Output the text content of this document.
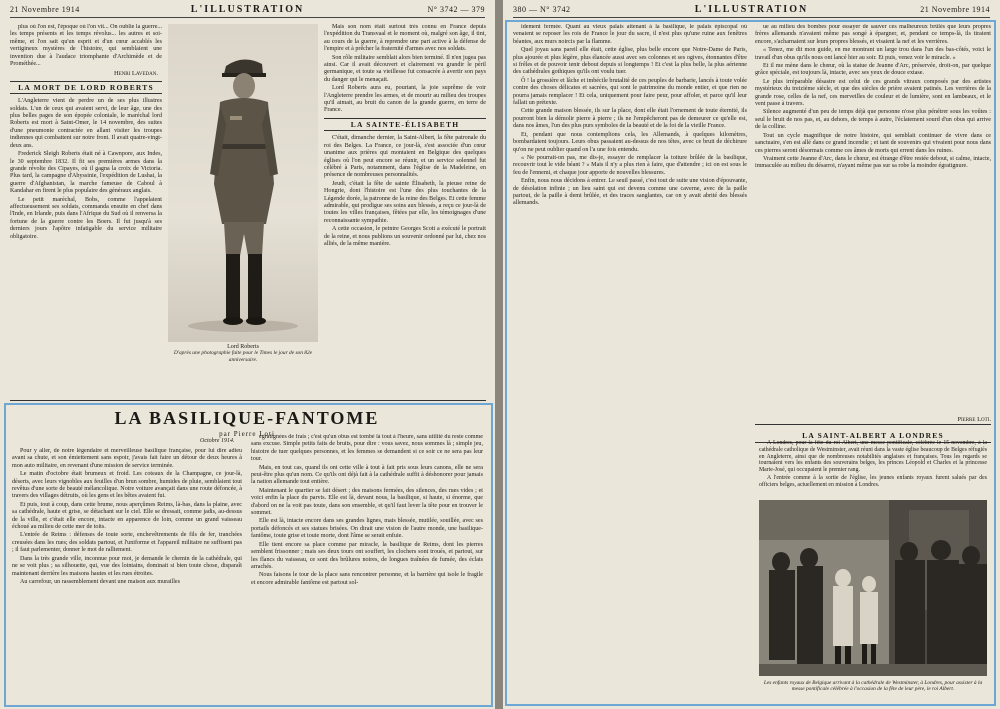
21 Novembre 1914	L'ILLUSTRATION	N° 3742 — 379

plus où l'on est, l'époque où l'on vit... On oublie la guerre... les temps présents et les temps révolus... les autres et soi-même, et l'on sait qu'un esprit et d'un cœur accablés les vertigineux mystères de l'histoire, qui semblaient une invention due à l'audace triomphante d'Archimède et de Prométhée...

Henri Lavedan.
LA MORT DE LORD ROBERTS

L'Angleterre vient de perdre un de ses plus illustres soldats. L'un de ceux qui avaient servi, de leur âge, une des plus belles pages de son épopée coloniale, le maréchal lord Roberts est mort à Saint-Omer, le 14 novembre, des suites d'une pneumonie contractée en allant visiter les troupes indiennes qui combattent sur notre front. Il avait quatre-vingt-deux ans.

Frederick Sleigh Roberts était né à Cawnpore, aux Indes, le 30 septembre 1832. Il fit ses premières armes dans la grande révolte des Cipayes, où il gagna la croix de Victoria. Plus tard, la campagne d'Abyssinie, l'expédition de Lushai, la guerre d'Afghanistan, la marche fameuse de Caboul à Kandahar en firent le plus populaire des généraux anglais.

Le petit maréchal, Bobs, comme l'appelaient affectueusement ses soldats, commanda ensuite en chef dans l'Inde, en Irlande, puis dans l'Afrique du Sud où il renversa la fortune de la guerre contre les Boers. Il fut jusqu'à ses derniers jours l'apôtre infatigable du service militaire obligatoire.

Lord Roberts
D'après une photographie faite pour le Times le jour de son 82e anniversaire.

Mais son nom était surtout très connu en France depuis l'expédition du Transvaal et le moment où, malgré son âge, il tint, au cours de la guerre, à reprendre une part active à la défense de l'empire et à prêcher la fraternité d'armes avec nos soldats.

Son rôle militaire semblait alors bien terminé. Il n'en jugea pas ainsi. Car il avait découvert et clairement vu grandir le péril germanique, et toute sa vieillesse fut consacrée à avertir son pays du danger qui le menaçait.

Lord Roberts aura eu, pourtant, la joie suprême de voir l'Angleterre prendre les armes, et de mourir au milieu des troupes qu'il aimait, au bruit du canon de la grande guerre, en terre de France.

LA SAINTE-ÉLISABETH

C'était, dimanche dernier, la Saint-Albert, la fête patronale du roi des Belges. La France, ce jour-là, s'est associée d'un cœur unanime aux prières qui montaient en Belgique des quelques églises où l'on peut encore se réunir, et un service solennel fut célébré à Paris, notamment, dans l'église de la Madeleine, en présence de nombreuses personnalités.

Jeudi, c'était la fête de sainte Élisabeth, la pieuse reine de Hongrie, dont l'histoire est l'une des plus touchantes de la Légende dorée, la patronne de la reine des Belges. Et cette femme admirable, qui prodigue ses soins aux blessés, a reçu ce jour-là de toutes les villes françaises, fêtées par elle, les témoignages d'une reconnaissante sympathie.

A cette occasion, le peintre Georges Scott a exécuté le portrait de la reine, et nous publions un souvenir ordonné par lui, chez nos alliés, de la même manière.

LA BASILIQUE-FANTOME
par Pierre Loti
Octobre 1914.

Pour y aller, de notre légendaire et merveilleuse basilique française, pour lui dire adieu avant sa chute, et son émiettement sans espoir, j'avais fait faire un détour de deux heures à mon auto militaire, en revenant d'une mission de service terminée.

Le matin d'octobre était brumeux et froid. Les coteaux de la Champagne, ce jour-là, déserts, avec leurs vignobles aux feuilles d'un brun sombre, humides de pluie, semblaient tout revêtus d'une sorte de beauté mélancolique. Notre voiture avançait dans une route défoncée, à travers des villages détruits, où les gens et les bêtes avaient fui.

Et puis, tout à coup, dans cette brume, nous aperçûmes Reims, là-bas, dans la plaine, avec sa cathédrale, haute et grise, se détachant sur le ciel. Elle se dressait, comme jadis, au-dessus de la ville, et c'était elle encore, intacte en apparence de loin, comme un grand vaisseau échoué au milieu de cette mer de toits.

L'entrée de Reims : défenses de toute sorte, enchevêtrements de fils de fer, tranchées creusées dans les rues; des soldats partout, et l'uniforme et l'appareil militaire ne suffisent pas ; il faut parlementer, donner le mot de ralliement.

Dans la très grande ville, inconnue pour moi, je demande le chemin de la cathédrale, qui ne se voit plus ; sa silhouette, qui, vue des lointains, dominait si bien toute chose, disparaît maintenant derrière les maisons hautes et les rues étroites.

Au carrefour, un rassemblement devant une maison aux murailles

égratignées de frais ; c'est qu'un obus est tombé là tout à l'heure, sans utilité du reste comme sans excuse. Simple petits faits de bruits, pour dire : vous savez, nous sommes là ; simple jeu, histoire de tuer quelques personnes, et les femmes se demandent si ce soir ce ne sera pas leur tour.

Mais, en tout cas, quand ils ont cette ville à tout à fait pris sous leurs canons, elle ne sera peut-être plus qu'un nom. Ce qu'ils ont déjà fait à la cathédrale suffit à déshonorer pour jamais la nation allemande tout entière.

Maintenant le quartier se fait désert ; des maisons fermées, des silences, des rues vides ; et voici enfin la place du parvis. Elle est là, devant nous, la basilique, si haute, si énorme, que d'abord on ne la voit pas toute, dans son ensemble, et qu'il faut lever la tête pour en trouver le sommet.

Elle est là, intacte encore dans ses grandes lignes, mais blessée, mutilée, souillée, avec ses portails défoncés et ses statues brisées. On dirait une vision de l'autre monde, une basilique-fantôme, toute grise et toute morte, dont l'âme se serait enfuie.

Elle tient encore sa place comme par miracle, la basilique de Reims, dont les pierres semblent frissonner ; mais ses deux tours ont souffert, les clochers sont troués, et partout, sur les flancs du vaisseau, ce sont des brûlures noires, de longues traînées de fumée, des éclats arrachés.

Nous faisons le tour de la place sans rencontrer personne, et la barrière qui isole le fragile et encore admirable fantôme est partout sol-

380 — N° 3742	L'ILLUSTRATION	21 Novembre 1914

idement fermée. Quant au vieux palais attenant à la basilique, le palais épiscopal où venaient se reposer les rois de France le jour du sacre, il n'est plus qu'une ruine aux fenêtres béantes, aux murs noircis par la flamme.

Quel joyau sans pareil elle était, cette église, plus belle encore que Notre-Dame de Paris, plus ajourée et plus légère, plus élancée aussi avec ses colonnes et ses ogives, étonnantes d'être si frêles et de pouvoir tenir debout depuis si longtemps ! Et c'est la plus belle, la plus aérienne des cathédrales gothiques qu'ils ont voulu tuer.

Ô ! la grossière et lâche et imbécile brutalité de ces peuples de barbarie, lancés à toute volée contre des choses délicates et sacrées, qui sont le patrimoine du monde entier, et que rien ne pourra jamais remplacer ! Et cela, uniquement pour faire peur, pour affoler, et parce qu'il leur fallait un prétexte.

Cette grande maison blessée, ils sur la place, dont elle était l'ornement de toute éternité, ils pourront bien la démolir pierre à pierre ; ils ne l'empêcheront pas de demeurer ce qu'elle est, dans nos âmes, l'un des plus purs symboles de la beauté et de la foi de la vieille France.

Et, pendant que nous contemplions cela, les Allemands, à quelques kilomètres, bombardaient toujours. Leurs obus passaient au-dessus de nos têtes, avec ce bruit de déchirure qu'on ne peut oublier quand on l'a une fois entendu.

« Ne pourrait-on pas, me dis-je, essayer de remplacer la toiture brûlée de la basilique, recouvrir tout le vide béant ? » Mais il n'y a plus rien à faire, que d'attendre ; ici on est sous le feu de l'ennemi, et chaque jour apporte de nouvelles blessures.

Enfin, nous nous décidons à entrer. Le seuil passé, c'est tout de suite une vision d'épouvante, de désolation infinie ; un lieu saint qui est devenu comme une caverne, avec de la paille partout, de la paille à demi brûlée, et des traces sanglantes, car on y avait abrité des blessés allemands.

ue au milieu des bombes pour essayer de sauver ces malheureux brûlés que leurs propres frères allemands n'avaient même pas songé à épargner, et, pendant ce temps-là, ils tiraient encore, s'acharnaient sur leurs propres blessés, et visaient la nef et les verrières.

« Tenez, me dit mon guide, en me montrant un large trou dans l'un des bas-côtés, voici le travail d'un obus qu'ils nous ont lancé hier au soir. Et puis, venez voir le miracle. »

Et il me mène dans le chœur, où la statue de Jeanne d'Arc, préservée, droit-on, par quelque grâce spéciale, est toujours là, intacte, avec ses yeux de douce extase.

Le plus irréparable désastre est celui de ces grands vitraux composés par des artistes mystérieux du treizième siècle, et que des siècles de prière avaient patinés. Les verrières de la grande rose, celles de la nef, ces merveilles de couleur et de lumière, sont en lambeaux, et le vent passe à travers.

Silence augmenté d'un peu de temps déjà que personne n'ose plus pénétrer sous les voûtes : seul le bruit de nos pas, et, au dehors, de temps à autre, l'éclatement sourd d'un obus qui arrive de la colline.

Tout un cycle magnifique de notre histoire, qui semblait continuer de vivre dans ce sanctuaire, s'en est allé dans ce grand incendie ; et tant de souvenirs qui vivaient pour nous dans ces pierres seront désormais comme ces âmes de morts qui errent dans les ruines.

Vraiment cette Jeanne d'Arc, dans le chœur, est étrange d'être restée debout, si calme, intacte, immaculée au milieu du désarroi, n'ayant même pas sur sa robe la moindre égratignure.

Pierre Loti.
LA SAINT-ALBERT A LONDRES

A Londres, pour la fête du roi Albert, une messe pontificale, célébrée le 15 novembre, à la cathédrale catholique de Westminster, avait réuni dans la vaste église beaucoup de Belges réfugiés en Angleterre, ainsi que de nombreuses notabilités anglaises et françaises. Tous les regards se tournaient vers les enfants des souverains belges, les princes Léopold et Charles et la princesse Marie-José, qui occupaient le premier rang.

A l'entrée comme à la sortie de l'église, les jeunes enfants royaux furent salués par des officiers belges, actuellement en mission à Londres.

Les enfants royaux de Belgique arrivant à la cathédrale de Westminster, à Londres, pour assister à la messe pontificale célébrée à l'occasion de la fête de leur père, le roi Albert.
